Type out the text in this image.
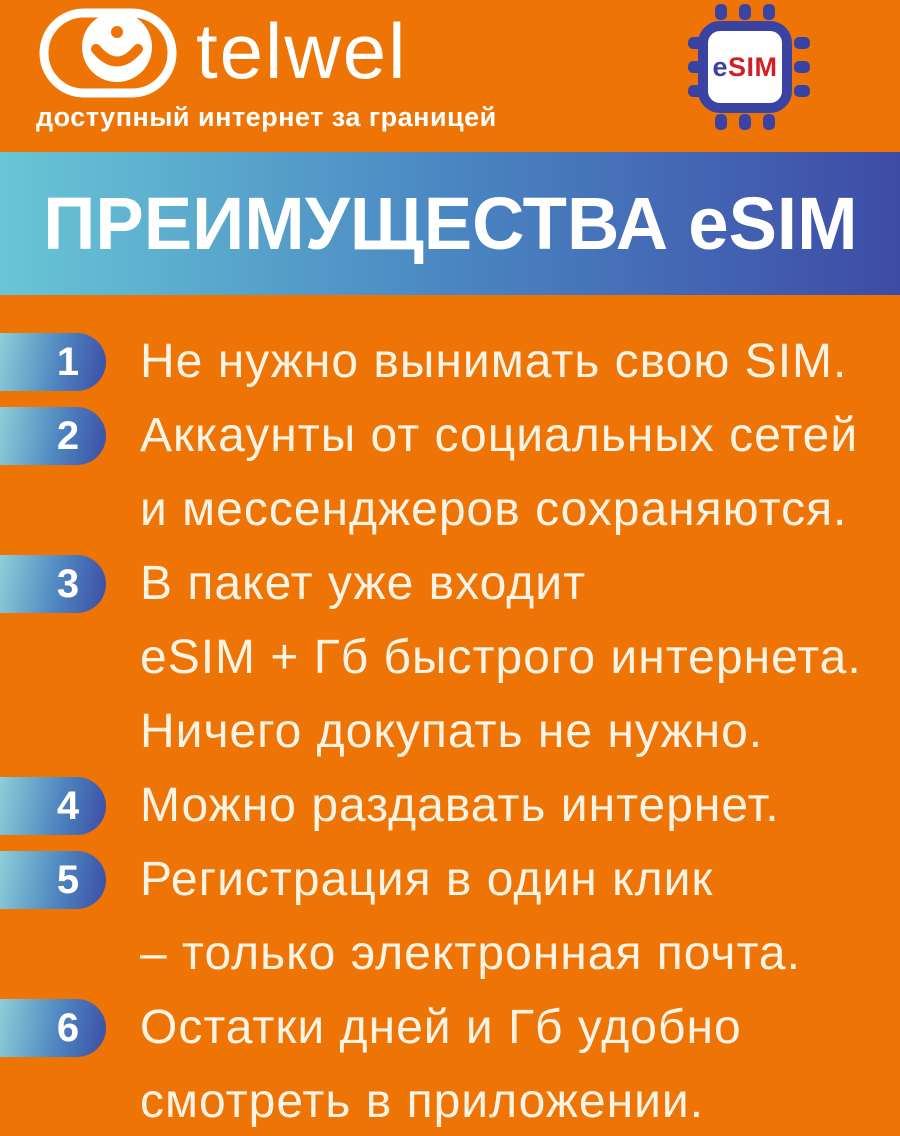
telwel
доступный интернет за границей
eSIM
ПРЕИМУЩЕСТВА eSIM
1	Не нужно вынимать свою SIM.
2	Аккаунты от социальных сетей
и мессенджеров сохраняются.
3	В пакет уже входит
eSIM + Гб быстрого интернета.
Ничего докупать не нужно.
4	Можно раздавать интернет.
5	Регистрация в один клик
– только электронная почта.
6	Остатки дней и Гб удобно
смотреть в приложении.
